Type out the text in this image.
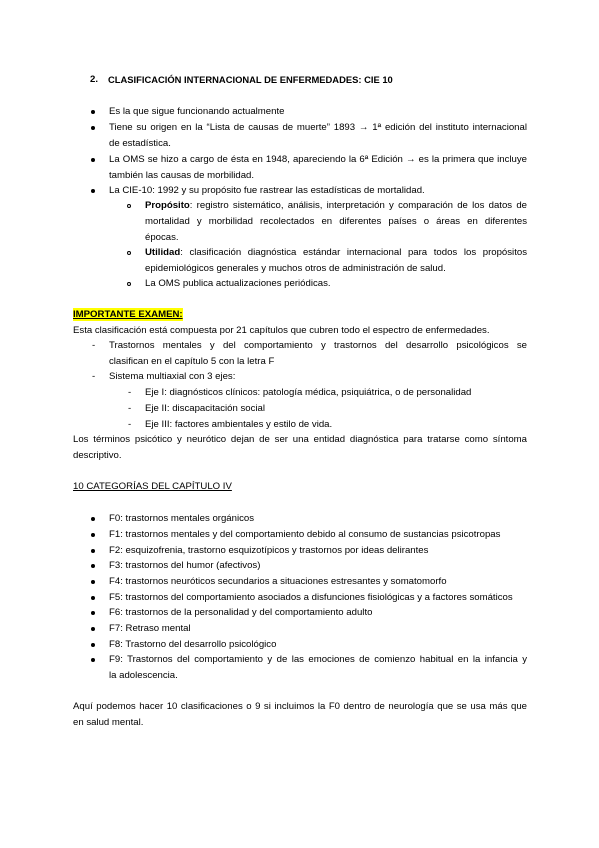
2. CLASIFICACIÓN INTERNACIONAL DE ENFERMEDADES: CIE 10
Es la que sigue funcionando actualmente
Tiene su origen en la “Lista de causas de muerte” 1893 → 1ª edición del instituto internacional
de estadística.
La OMS se hizo a cargo de ésta en 1948, apareciendo la 6ª Edición → es la primera que incluye
también las causas de morbilidad.
La CIE-10: 1992 y su propósito fue rastrear las estadísticas de mortalidad.
Propósito: registro sistemático, análisis, interpretación y comparación de los datos de
mortalidad y morbilidad recolectados en diferentes países o áreas en diferentes
épocas.
Utilidad: clasificación diagnóstica estándar internacional para todos los propósitos
epidemiológicos generales y muchos otros de administración de salud.
La OMS publica actualizaciones periódicas.
IMPORTANTE EXAMEN:
Esta clasificación está compuesta por 21 capítulos que cubren todo el espectro de enfermedades.
- Trastornos mentales y del comportamiento y trastornos del desarrollo psicológicos se
clasifican en el capítulo 5 con la letra F
- Sistema multiaxial con 3 ejes:
- Eje I: diagnósticos clínicos: patología médica, psiquiátrica, o de personalidad
- Eje II: discapacitación social
- Eje III: factores ambientales y estilo de vida.
Los términos psicótico y neurótico dejan de ser una entidad diagnóstica para tratarse como síntoma
descriptivo.
10 CATEGORÍAS DEL CAPÍTULO IV
F0: trastornos mentales orgánicos
F1: trastornos mentales y del comportamiento debido al consumo de sustancias psicotropas
F2: esquizofrenia, trastorno esquizotípicos y trastornos por ideas delirantes
F3: trastornos del humor (afectivos)
F4: trastornos neuróticos secundarios a situaciones estresantes y somatomorfo
F5: trastornos del comportamiento asociados a disfunciones fisiológicas y a factores somáticos
F6: trastornos de la personalidad y del comportamiento adulto
F7: Retraso mental
F8: Trastorno del desarrollo psicológico
F9: Trastornos del comportamiento y de las emociones de comienzo habitual en la infancia y
la adolescencia.
Aquí podemos hacer 10 clasificaciones o 9 si incluimos la F0 dentro de neurología que se usa más que
en salud mental.
